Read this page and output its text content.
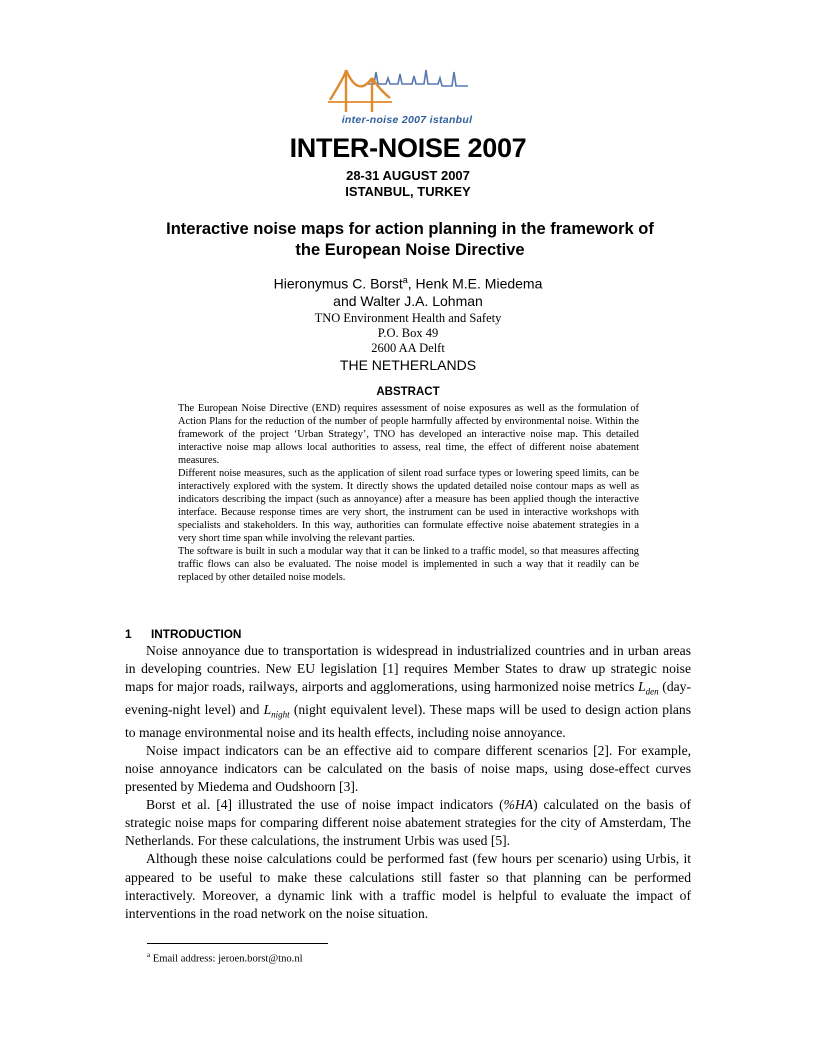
inter-noise 2007 istanbul
INTER-NOISE 2007
28-31 AUGUST 2007
ISTANBUL, TURKEY
Interactive noise maps for action planning in the framework of
the European Noise Directive
Hieronymus C. Borst$^a$, Henk M.E. Miedema
and Walter J.A. Lohman
TNO Environment Health and Safety
P.O. Box 49
2600 AA Delft
THE NETHERLANDS
ABSTRACT

The European Noise Directive (END) requires assessment of noise exposures as well as the formulation of Action Plans for the reduction of the number of people harmfully affected by environmental noise. Within the framework of the project ‘Urban Strategy’, TNO has developed an interactive noise map. This detailed interactive noise map allows local authorities to assess, real time, the effect of different noise abatement measures.

Different noise measures, such as the application of silent road surface types or lowering speed limits, can be interactively explored with the system. It directly shows the updated detailed noise contour maps as well as indicators describing the impact (such as annoyance) after a measure has been applied though the interactive interface. Because response times are very short, the instrument can be used in interactive workshops with specialists and stakeholders. In this way, authorities can formulate effective noise abatement strategies in a very short time span while involving the relevant parties.

The software is built in such a modular way that it can be linked to a traffic model, so that measures affecting traffic flows can also be evaluated. The noise model is implemented in such a way that it readily can be replaced by other detailed noise models.

1 INTRODUCTION

Noise annoyance due to transportation is widespread in industrialized countries and in urban areas in developing countries. New EU legislation [1] requires Member States to draw up strategic noise maps for major roads, railways, airports and agglomerations, using harmonized noise metrics $L_{den}$ (day-evening-night level) and $L_{night}$ (night equivalent level). These maps will be used to design action plans to manage environmental noise and its health effects, including noise annoyance.

Noise impact indicators can be an effective aid to compare different scenarios [2]. For example, noise annoyance indicators can be calculated on the basis of noise maps, using dose-effect curves presented by Miedema and Oudshoorn [3].

Borst et al. [4] illustrated the use of noise impact indicators (%HA) calculated on the basis of strategic noise maps for comparing different noise abatement strategies for the city of Amsterdam, The Netherlands. For these calculations, the instrument Urbis was used [5].

Although these noise calculations could be performed fast (few hours per scenario) using Urbis, it appeared to be useful to make these calculations still faster so that planning can be performed interactively. Moreover, a dynamic link with a traffic model is helpful to evaluate the impact of interventions in the road network on the noise situation.

$^a$ Email address: jeroen.borst@tno.nl
